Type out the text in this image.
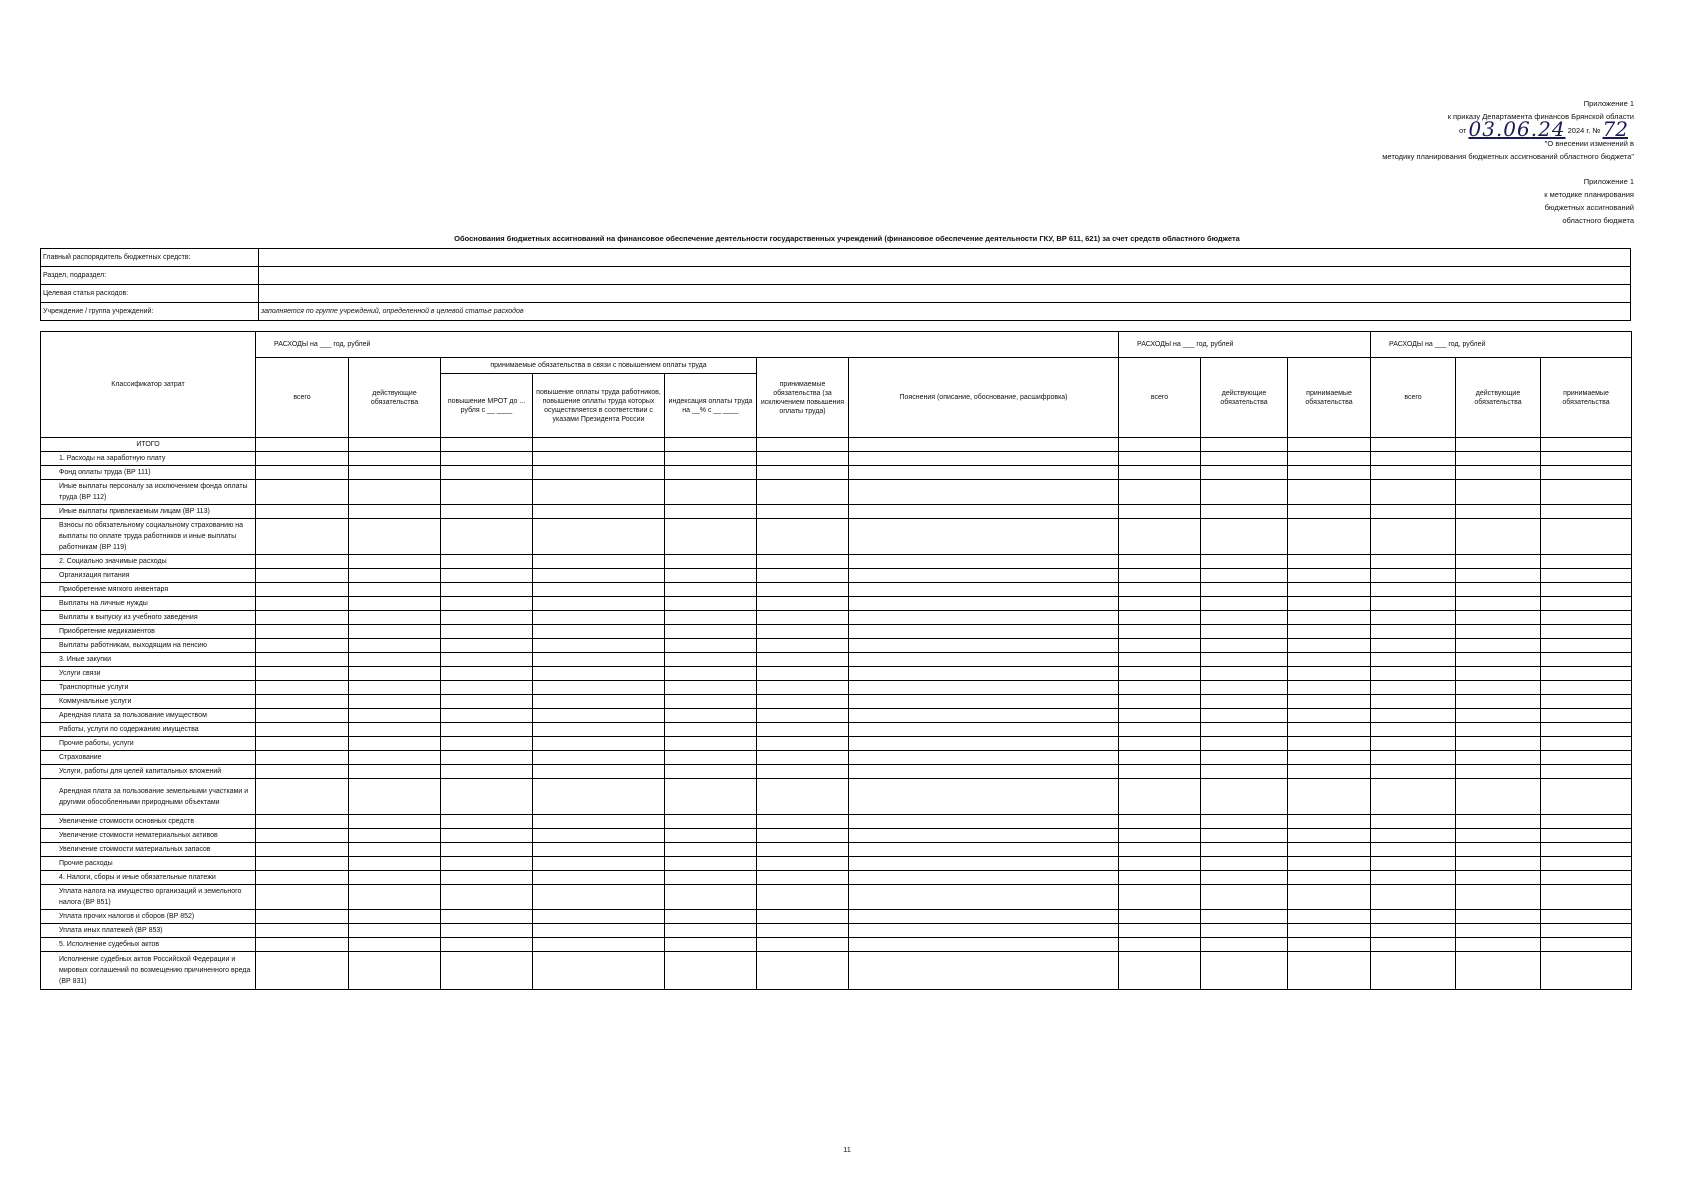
Приложение 1
к приказу Департамента финансов Брянской области
от 03.06.24 2024 г. № 72
"О внесении изменений в
методику планирования бюджетных ассигнований областного бюджета"
Приложение 1
к методике планирования
бюджетных ассигнований
областного бюджета
Обоснования бюджетных ассигнований на финансовое обеспечение деятельности государственных учреждений (финансовое обеспечение деятельности ГКУ, ВР 611, 621) за счет средств областного бюджета
Главный распорядитель бюджетных средств:	
Раздел, подраздел:	
Целевая статья расходов:	
Учреждение / группа учреждений:	заполняется по группе учреждений, определенной в целевой статье расходов
Классификатор затрат	РАСХОДЫ на ___ год, рублей							РАСХОДЫ на ___ год, рублей			РАСХОДЫ на ___ год, рублей		
	всего	действующие обязательства	принимаемые обязательства в связи с повышением оплаты труда			принимаемые обязательства (за исключением повышения оплаты труда)	Пояснения (описание, обоснование, расшифровка)	всего	действующие обязательства	принимаемые обязательства	всего	действующие обязательства	принимаемые обязательства
			повышение МРОТ до ... рубля с __ ____	повышение оплаты труда работников, повышение оплаты труда которых осуществляется в соответствии с указами Президента России	индексация оплаты труда на __% с __ ____								
ИТОГО													
1. Расходы на заработную плату													
Фонд оплаты труда (ВР 111)													
Иные выплаты персоналу за исключением фонда оплаты труда (ВР 112)													
Иные выплаты привлекаемым лицам (ВР 113)													
Взносы по обязательному социальному страхованию на выплаты по оплате труда работников и иные выплаты работникам (ВР 119)													
2. Социально значимые расходы													
Организация питания													
Приобретение мягкого инвентаря													
Выплаты на личные нужды													
Выплаты к выпуску из учебного заведения													
Приобретение медикаментов													
Выплаты работникам, выходящим на пенсию													
3. Иные закупки													
Услуги связи													
Транспортные услуги													
Коммунальные услуги													
Арендная плата за пользование имуществом													
Работы, услуги по содержанию имущества													
Прочие работы, услуги													
Страхование													
Услуги, работы для целей капитальных вложений													
Арендная плата за пользование земельными участками и другими обособленными природными объектами													
Увеличение стоимости основных средств													
Увеличение стоимости нематериальных активов													
Увеличение стоимости материальных запасов													
Прочие расходы													
4. Налоги, сборы и иные обязательные платежи													
Уплата налога на имущество организаций и земельного налога (ВР 851)													
Уплата прочих налогов и сборов (ВР 852)													
Уплата иных платежей (ВР 853)													
5. Исполнение судебных актов													
Исполнение судебных актов Российской Федерации и мировых соглашений по возмещению причиненного вреда (ВР 831)													
11
